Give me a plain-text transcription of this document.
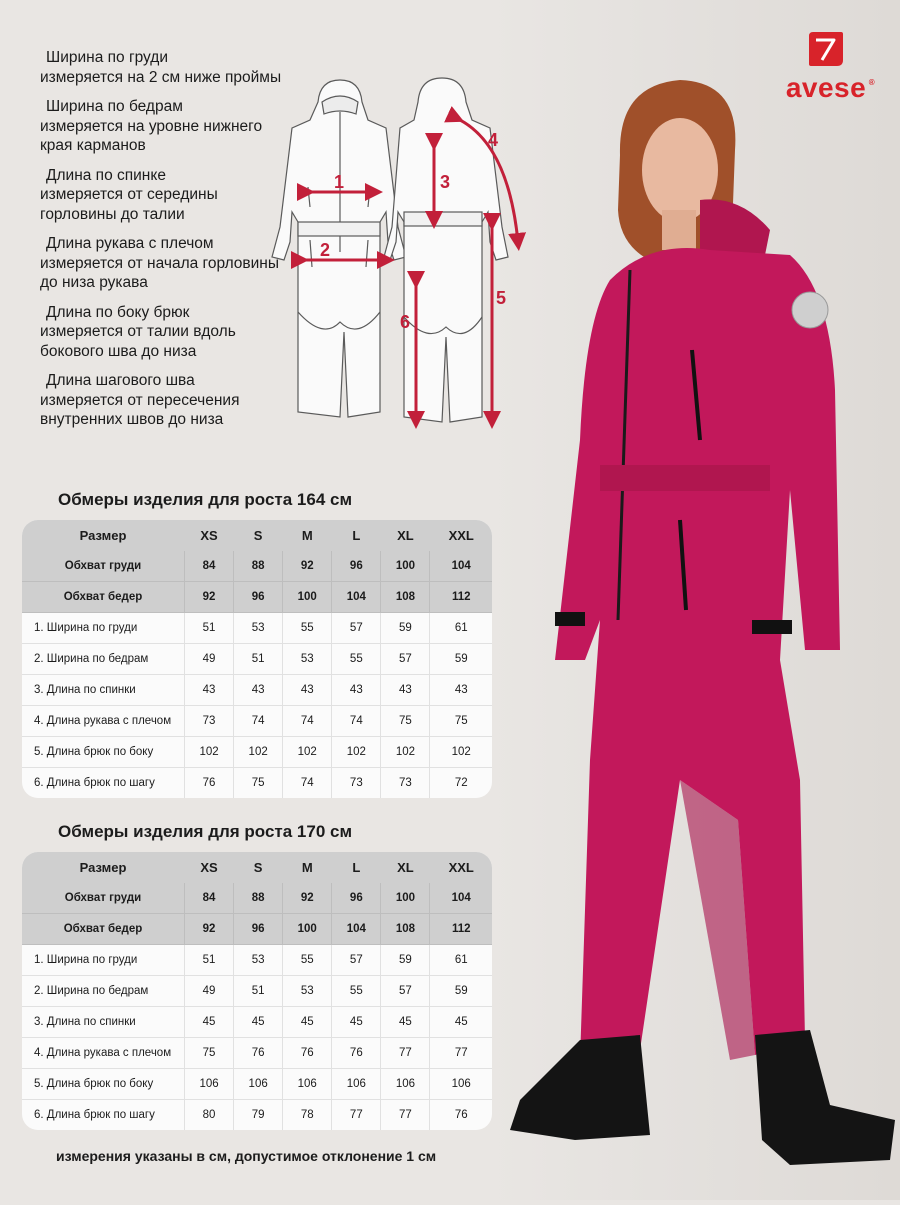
avese ®
Ширина по груди
измеряется на 2 см ниже проймы
Ширина по бедрам
измеряется на уровне нижнего края карманов
Длина по спинке
измеряется от середины горловины до талии
Длина рукава с плечом
измеряется от начала горловины до низа рукава
Длина по боку брюк
измеряется от талии вдоль бокового шва до низа
Длина шагового шва
измеряется от пересечения внутренних швов до низа
1
2
3
4
5
6
Обмеры изделия для роста 164 см
Размер	XS	S	M	L	XL	XXL
Обхват груди	84	88	92	96	100	104
Обхват бедер	92	96	100	104	108	112
1. Ширина по груди	51	53	55	57	59	61
2. Ширина по бедрам	49	51	53	55	57	59
3. Длина по спинки	43	43	43	43	43	43
4. Длина рукава с плечом	73	74	74	74	75	75
5. Длина брюк по боку	102	102	102	102	102	102
6. Длина брюк по шагу	76	75	74	73	73	72
Обмеры изделия для роста 170 см
Размер	XS	S	M	L	XL	XXL
Обхват груди	84	88	92	96	100	104
Обхват бедер	92	96	100	104	108	112
1. Ширина по груди	51	53	55	57	59	61
2. Ширина по бедрам	49	51	53	55	57	59
3. Длина по спинки	45	45	45	45	45	45
4. Длина рукава с плечом	75	76	76	76	77	77
5. Длина брюк по боку	106	106	106	106	106	106
6. Длина брюк по шагу	80	79	78	77	77	76
измерения указаны в см, допустимое отклонение 1 см
